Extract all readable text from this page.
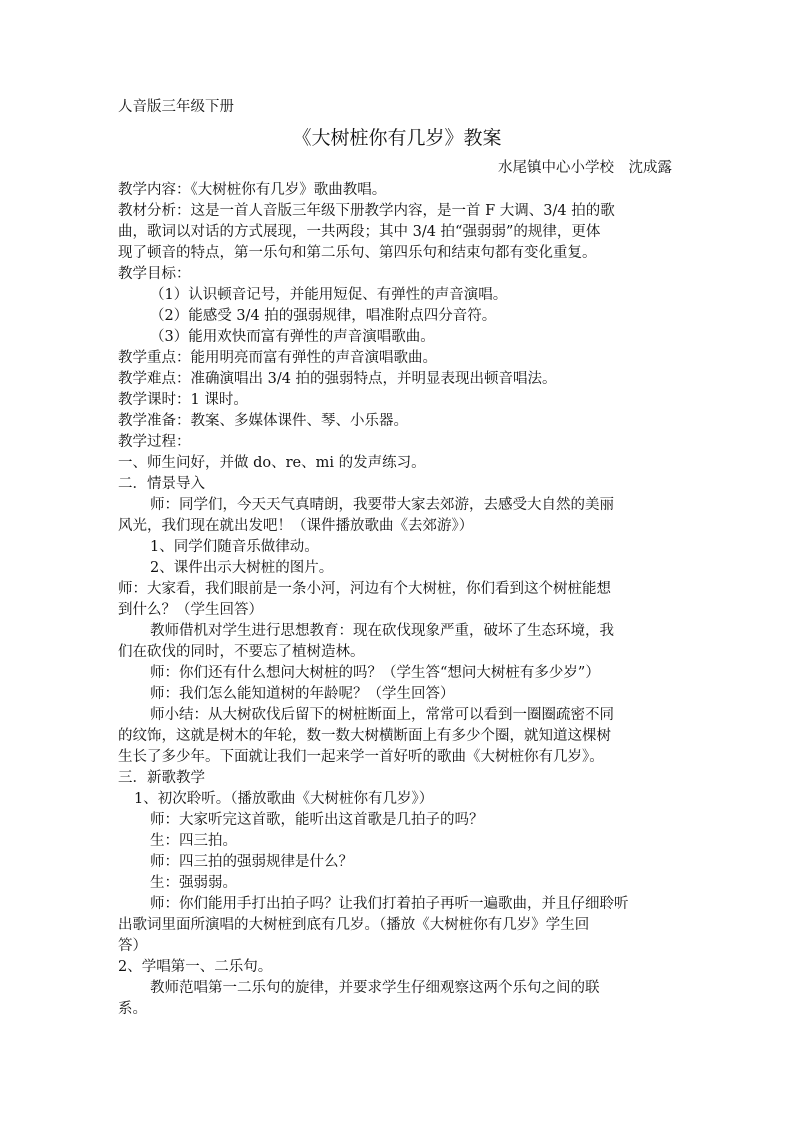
人音版三年级下册
《大树桩你有几岁》教案
水尾镇中心小学校　沈成露
教学内容：《大树桩你有几岁》歌曲教唱。
教材分析：这是一首人音版三年级下册教学内容，是一首 F 大调、3/4 拍的歌
曲，歌词以对话的方式展现，一共两段；其中 3/4 拍“强弱弱”的规律，更体
现了顿音的特点，第一乐句和第二乐句、第四乐句和结束句都有变化重复。
教学目标：
（1）认识顿音记号，并能用短促、有弹性的声音演唱。
（2）能感受 3/4 拍的强弱规律，唱准附点四分音符。
（3）能用欢快而富有弹性的声音演唱歌曲。
教学重点：能用明亮而富有弹性的声音演唱歌曲。
教学难点：准确演唱出 3/4 拍的强弱特点，并明显表现出顿音唱法。
教学课时：1 课时。
教学准备：教案、多媒体课件、琴、小乐器。
教学过程：
一、师生问好，并做 do、re、mi 的发声练习。
二．情景导入
师：同学们，今天天气真晴朗，我要带大家去郊游，去感受大自然的美丽
风光，我们现在就出发吧！（课件播放歌曲《去郊游》）
1、同学们随音乐做律动。
2、课件出示大树桩的图片。
师：大家看，我们眼前是一条小河，河边有个大树桩，你们看到这个树桩能想
到什么？（学生回答）
教师借机对学生进行思想教育：现在砍伐现象严重，破坏了生态环境，我
们在砍伐的同时，不要忘了植树造林。
师：你们还有什么想问大树桩的吗？（学生答“想问大树桩有多少岁”）
师：我们怎么能知道树的年龄呢？（学生回答）
师小结：从大树砍伐后留下的树桩断面上，常常可以看到一圈圈疏密不同
的纹饰，这就是树木的年轮，数一数大树横断面上有多少个圈，就知道这棵树
生长了多少年。下面就让我们一起来学一首好听的歌曲《大树桩你有几岁》。
三．新歌教学
1、初次聆听。（播放歌曲《大树桩你有几岁》）
师：大家听完这首歌，能听出这首歌是几拍子的吗？
生：四三拍。
师：四三拍的强弱规律是什么？
生：强弱弱。
师：你们能用手打出拍子吗？让我们打着拍子再听一遍歌曲，并且仔细聆听
出歌词里面所演唱的大树桩到底有几岁。（播放《大树桩你有几岁》学生回
答）
2、学唱第一、二乐句。
教师范唱第一二乐句的旋律，并要求学生仔细观察这两个乐句之间的联
系。
